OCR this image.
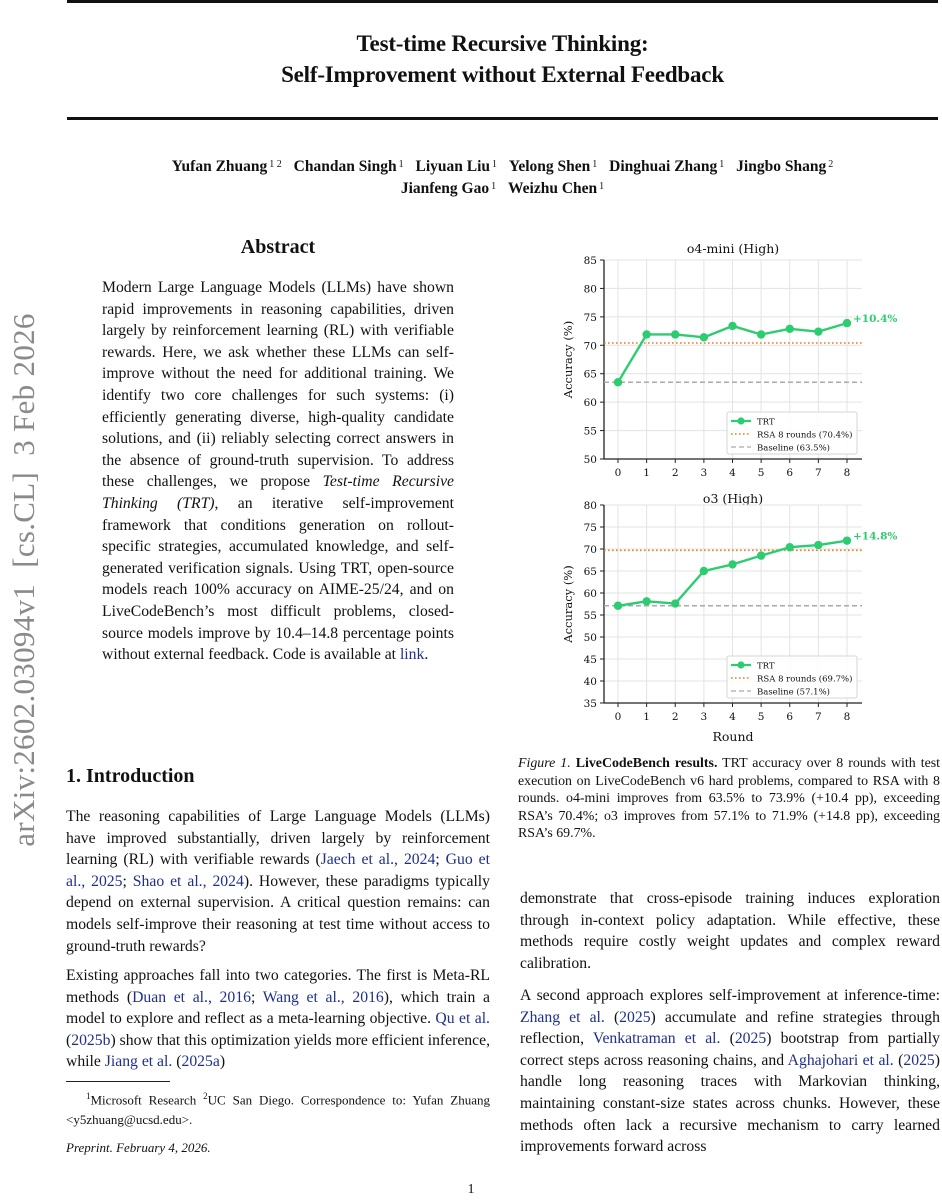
Test-time Recursive Thinking:
Self-Improvement without External Feedback
Yufan Zhuang $^{1 2}$ Chandan Singh $^1$ Liyuan Liu $^1$ Yelong Shen $^1$ Dinghuai Zhang $^1$ Jingbo Shang $^2$
Jianfeng Gao $^1$ Weizhu Chen $^1$
arXiv:2602.03094v1  [cs.CL]  3 Feb 2026
Abstract
Modern Large Language Models (LLMs) have shown rapid improvements in reasoning capabilities, driven largely by reinforcement learning (RL) with verifiable rewards. Here, we ask whether these LLMs can self-improve without the need for additional training. We identify two core challenges for such systems: (i) efficiently generating diverse, high-quality candidate solutions, and (ii) reliably selecting correct answers in the absence of ground-truth supervision. To address these challenges, we propose Test-time Recursive Thinking (TRT), an iterative self-improvement framework that conditions generation on rollout-specific strategies, accumulated knowledge, and self-generated verification signals. Using TRT, open-source models reach 100% accuracy on AIME-25/24, and on LiveCodeBench’s most difficult problems, closed-source models improve by 10.4–14.8 percentage points without external feedback. Code is available at link.
1. Introduction
The reasoning capabilities of Large Language Models (LLMs) have improved substantially, driven largely by reinforcement learning (RL) with verifiable rewards (Jaech et al., 2024; Guo et al., 2025; Shao et al., 2024). However, these paradigms typically depend on external supervision. A critical question remains: can models self-improve their reasoning at test time without access to ground-truth rewards?
Existing approaches fall into two categories. The first is Meta-RL methods (Duan et al., 2016; Wang et al., 2016), which train a model to explore and reflect as a meta-learning objective. Qu et al. (2025b) show that this optimization yields more efficient inference, while Jiang et al. (2025a)
$^1$Microsoft Research $^2$UC San Diego. Correspondence to: Yufan Zhuang <y5zhuang@ucsd.edu>.
Preprint. February 4, 2026.
1
o4-mini (High)
50
55
60
65
70
75
80
85
0 1 2 3 4 5 6 7 8
Accuracy (%)
+10.4%
TRT
RSA 8 rounds (70.4%)
Baseline (63.5%)
o3 (High)
35
40
45
50
55
60
65
70
75
80
0 1 2 3 4 5 6 7 8
Accuracy (%)
Round
+14.8%
TRT
RSA 8 rounds (69.7%)
Baseline (57.1%)
Figure 1. LiveCodeBench results. TRT accuracy over 8 rounds with test execution on LiveCodeBench v6 hard problems, compared to RSA with 8 rounds. o4-mini improves from 63.5% to 73.9% (+10.4 pp), exceeding RSA’s 70.4%; o3 improves from 57.1% to 71.9% (+14.8 pp), exceeding RSA’s 69.7%.
demonstrate that cross-episode training induces exploration through in-context policy adaptation. While effective, these methods require costly weight updates and complex reward calibration.
A second approach explores self-improvement at inference-time: Zhang et al. (2025) accumulate and refine strategies through reflection, Venkatraman et al. (2025) bootstrap from partially correct steps across reasoning chains, and Aghajohari et al. (2025) handle long reasoning traces with Markovian thinking, maintaining constant-size states across chunks. However, these methods often lack a recursive mechanism to carry learned improvements forward across
